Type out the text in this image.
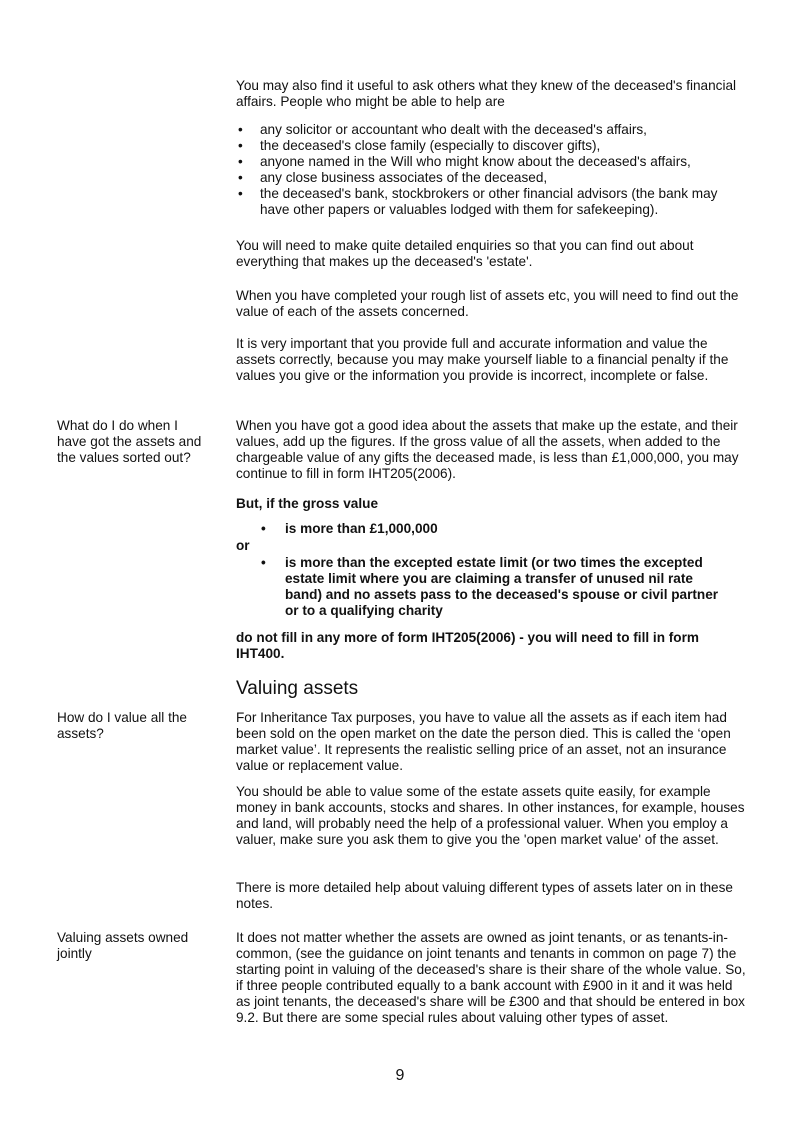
You may also find it useful to ask others what they knew of the deceased's financial affairs. People who might be able to help are

• any solicitor or accountant who dealt with the deceased's affairs,
• the deceased's close family (especially to discover gifts),
• anyone named in the Will who might know about the deceased's affairs,
• any close business associates of the deceased,
• the deceased's bank, stockbrokers or other financial advisors (the bank may have other papers or valuables lodged with them for safekeeping).

You will need to make quite detailed enquiries so that you can find out about everything that makes up the deceased's 'estate'.

When you have completed your rough list of assets etc, you will need to find out the value of each of the assets concerned.

It is very important that you provide full and accurate information and value the assets correctly, because you may make yourself liable to a financial penalty if the values you give or the information you provide is incorrect, incomplete or false.

What do I do when I have got the assets and the values sorted out?

When you have got a good idea about the assets that make up the estate, and their values, add up the figures. If the gross value of all the assets, when added to the chargeable value of any gifts the deceased made, is less than £1,000,000, you may continue to fill in form IHT205(2006).

But, if the gross value

• is more than £1,000,000

or

• is more than the excepted estate limit (or two times the excepted estate limit where you are claiming a transfer of unused nil rate band) and no assets pass to the deceased's spouse or civil partner or to a qualifying charity

do not fill in any more of form IHT205(2006) - you will need to fill in form IHT400.

Valuing assets

How do I value all the assets?

For Inheritance Tax purposes, you have to value all the assets as if each item had been sold on the open market on the date the person died. This is called the ‘open market value’. It represents the realistic selling price of an asset, not an insurance value or replacement value.

You should be able to value some of the estate assets quite easily, for example money in bank accounts, stocks and shares. In other instances, for example, houses and land, will probably need the help of a professional valuer. When you employ a valuer, make sure you ask them to give you the 'open market value' of the asset.

There is more detailed help about valuing different types of assets later on in these notes.

Valuing assets owned jointly

It does not matter whether the assets are owned as joint tenants, or as tenants-in-common, (see the guidance on joint tenants and tenants in common on page 7) the starting point in valuing of the deceased's share is their share of the whole value. So, if three people contributed equally to a bank account with £900 in it and it was held as joint tenants, the deceased's share will be £300 and that should be entered in box 9.2. But there are some special rules about valuing other types of asset.

9
